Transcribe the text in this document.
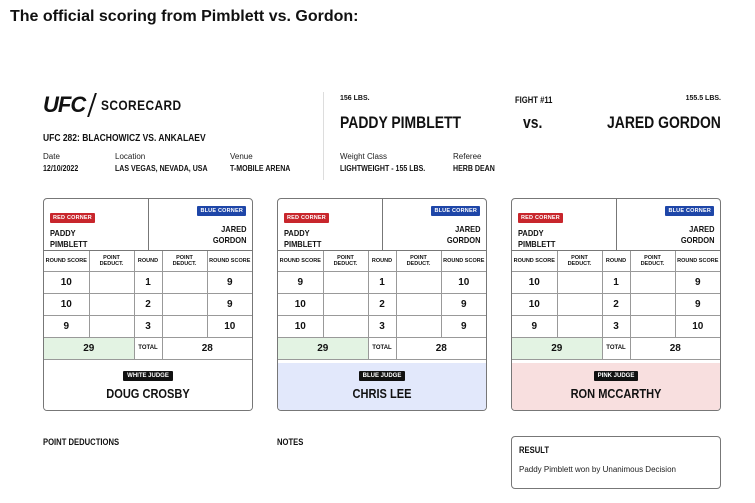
The official scoring from Pimblett vs. Gordon:
UFC SCORECARD
UFC 282: BLACHOWICZ VS. ANKALAEV
Date
12/10/2022
Location
LAS VEGAS, NEVADA, USA
Venue
T-MOBILE ARENA
156 LBS.
PADDY PIMBLETT
FIGHT #11
vs.
155.5 LBS.
JARED GORDON
Weight Class
LIGHTWEIGHT - 155 LBS.
Referee
HERB DEAN
RED CORNER
PADDY
PIMBLETT
BLUE CORNER
JARED
GORDON
ROUND SCORE	POINT DEDUCT.	ROUND	POINT DEDUCT.	ROUND SCORE
10		1		9
10		2		9
9		3		10
29		TOTAL	28	
WHITE JUDGE
DOUG CROSBY
RED CORNER
PADDY
PIMBLETT
BLUE CORNER
JARED
GORDON
ROUND SCORE	POINT DEDUCT.	ROUND	POINT DEDUCT.	ROUND SCORE
9		1		10
10		2		9
10		3		9
29		TOTAL	28	
BLUE JUDGE
CHRIS LEE
RED CORNER
PADDY
PIMBLETT
BLUE CORNER
JARED
GORDON
ROUND SCORE	POINT DEDUCT.	ROUND	POINT DEDUCT.	ROUND SCORE
10		1		9
10		2		9
9		3		10
29		TOTAL	28	
PINK JUDGE
RON MCCARTHY
POINT DEDUCTIONS	NOTES
RESULT
Paddy Pimblett won by Unanimous Decision
